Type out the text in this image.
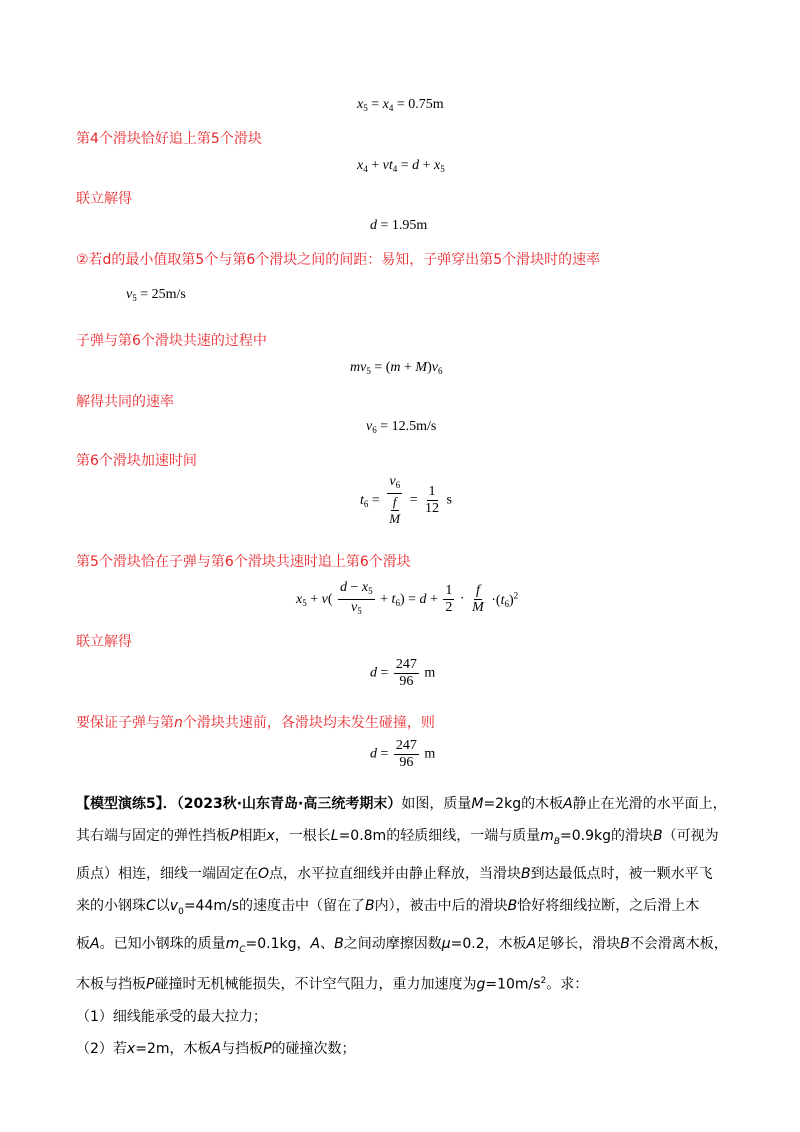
$x_5 = x_4 = 0.75m$
第4个滑块恰好追上第5个滑块
$x_4 + vt_4 = d + x_5$
联立解得
d = 1.95m
②若d的最小值取第5个与第6个滑块之间的间距：易知，子弹穿出第5个滑块时的速率
$v_5 = 25m/s$
子弹与第6个滑块共速的过程中
$mv_5 = (m + M)v_6$
解得共同的速率
$v_6 = 12.5m/s$
第6个滑块加速时间
$t_6 = \frac{v_6}{\frac{f}{M}} = \frac{1}{12}$ s
第5个滑块恰在子弹与第6个滑块共速时追上第6个滑块
$x_5 + v( \frac{d - x_5}{v_5} + t_6) = d + \frac{1}{2} \cdot \frac{f}{M} \cdot(t_6)^2$
联立解得
$d = \frac{247}{96}$ m
要保证子弹与第n个滑块共速前，各滑块均未发生碰撞，则
$d = \frac{247}{96}$ m
【模型演练5】．（2023秋·山东青岛·高三统考期末）如图，质量M=2kg的木板A静止在光滑的水平面上，
其右端与固定的弹性挡板P相距x，一根长L=0.8m的轻质细线，一端与质量$m_B=0.9kg$的滑块B（可视为
质点）相连，细线一端固定在O点，水平拉直细线并由静止释放，当滑块B到达最低点时，被一颗水平飞
来的小钢珠C以$v_0=44m/s$的速度击中（留在了B内），被击中后的滑块B恰好将细线拉断，之后滑上木
板A。已知小钢珠的质量$m_C=0.1kg$，A、B之间动摩擦因数μ=0.2，木板A足够长，滑块B不会滑离木板，
木板与挡板P碰撞时无机械能损失，不计空气阻力，重力加速度为$g=10m/s^2$。求：
（1）细线能承受的最大拉力；
（2）若x=2m，木板A与挡板P的碰撞次数；
